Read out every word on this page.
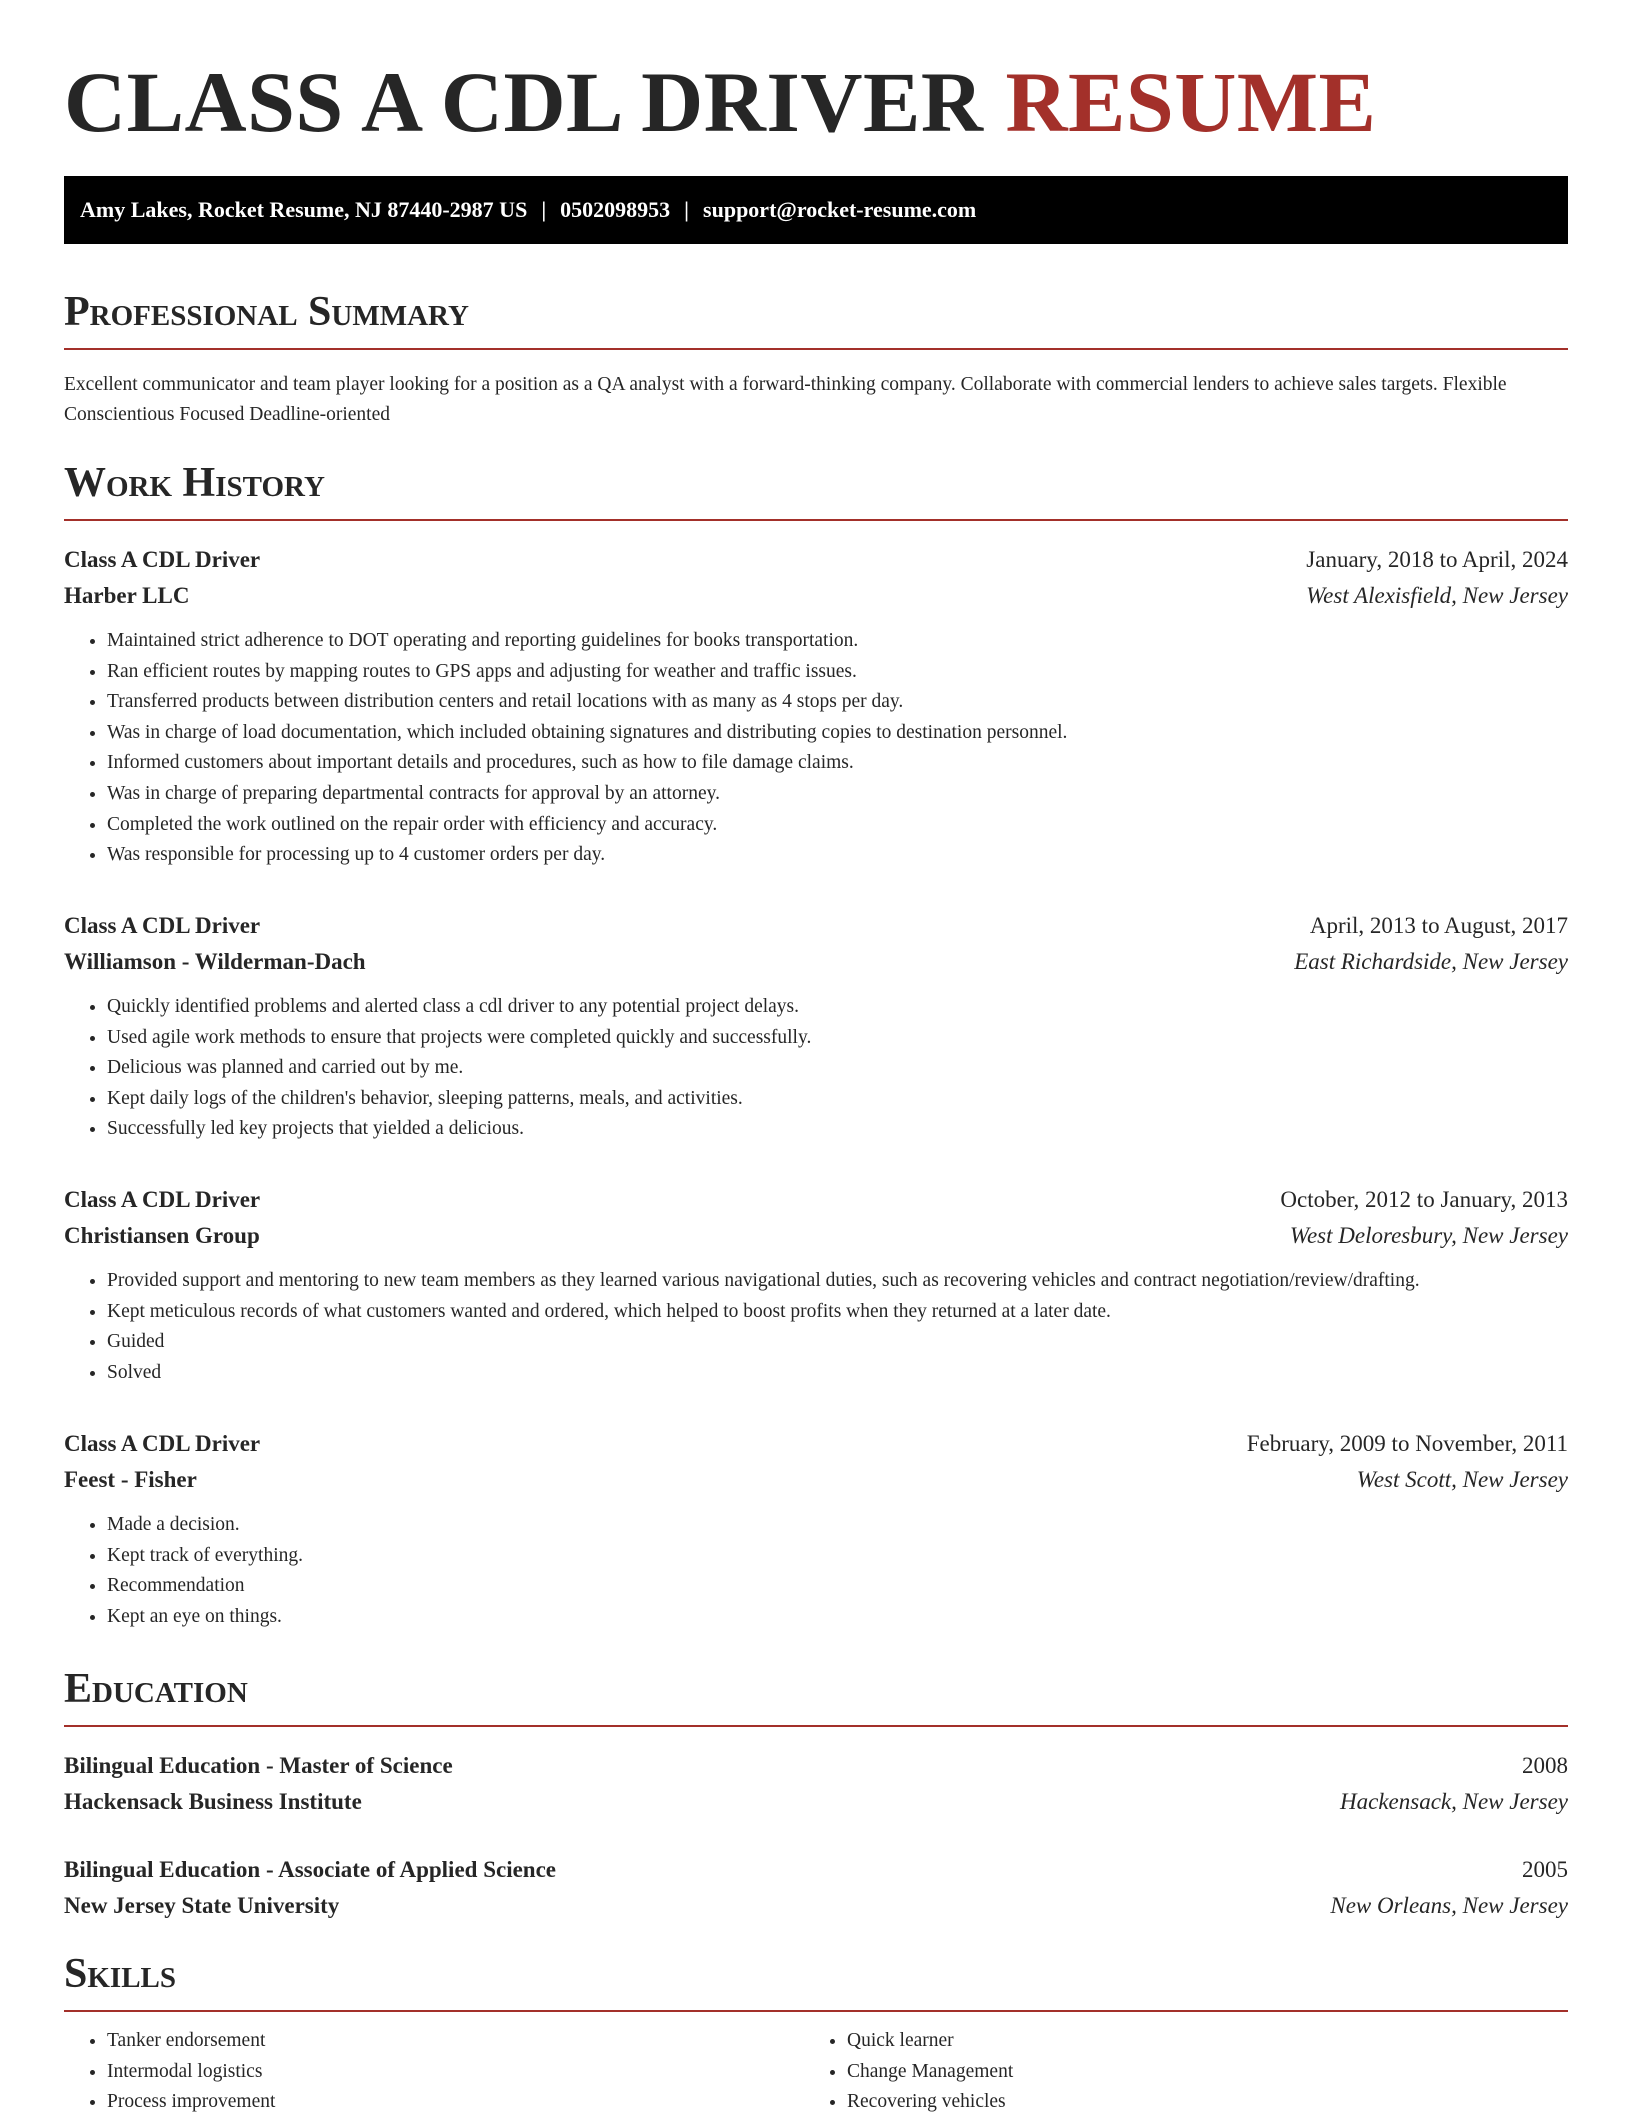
CLASS A CDL DRIVER RESUME
Amy Lakes, Rocket Resume, NJ 87440-2987 US | 0502098953 | support@rocket-resume.com
Professional Summary

Excellent communicator and team player looking for a position as a QA analyst with a forward-thinking company. Collaborate with commercial lenders to achieve sales targets. Flexible Conscientious Focused Deadline-oriented

Work History
Class A CDL Driver	January, 2018 to April, 2024
Harber LLC	West Alexisfield, New Jersey
• Maintained strict adherence to DOT operating and reporting guidelines for books transportation.
• Ran efficient routes by mapping routes to GPS apps and adjusting for weather and traffic issues.
• Transferred products between distribution centers and retail locations with as many as 4 stops per day.
• Was in charge of load documentation, which included obtaining signatures and distributing copies to destination personnel.
• Informed customers about important details and procedures, such as how to file damage claims.
• Was in charge of preparing departmental contracts for approval by an attorney.
• Completed the work outlined on the repair order with efficiency and accuracy.
• Was responsible for processing up to 4 customer orders per day.
Class A CDL Driver	April, 2013 to August, 2017
Williamson - Wilderman-Dach	East Richardside, New Jersey
• Quickly identified problems and alerted class a cdl driver to any potential project delays.
• Used agile work methods to ensure that projects were completed quickly and successfully.
• Delicious was planned and carried out by me.
• Kept daily logs of the children's behavior, sleeping patterns, meals, and activities.
• Successfully led key projects that yielded a delicious.
Class A CDL Driver	October, 2012 to January, 2013
Christiansen Group	West Deloresbury, New Jersey
• Provided support and mentoring to new team members as they learned various navigational duties, such as recovering vehicles and contract negotiation/review/drafting.
• Kept meticulous records of what customers wanted and ordered, which helped to boost profits when they returned at a later date.
• Guided
• Solved
Class A CDL Driver	February, 2009 to November, 2011
Feest - Fisher	West Scott, New Jersey
• Made a decision.
• Kept track of everything.
• Recommendation
• Kept an eye on things.
Education
Bilingual Education - Master of Science	2008
Hackensack Business Institute	Hackensack, New Jersey
Bilingual Education - Associate of Applied Science	2005
New Jersey State University	New Orleans, New Jersey
Skills
• Tanker endorsement
• Intermodal logistics
• Process improvement
• Quick learner
• Change Management
• Recovering vehicles
